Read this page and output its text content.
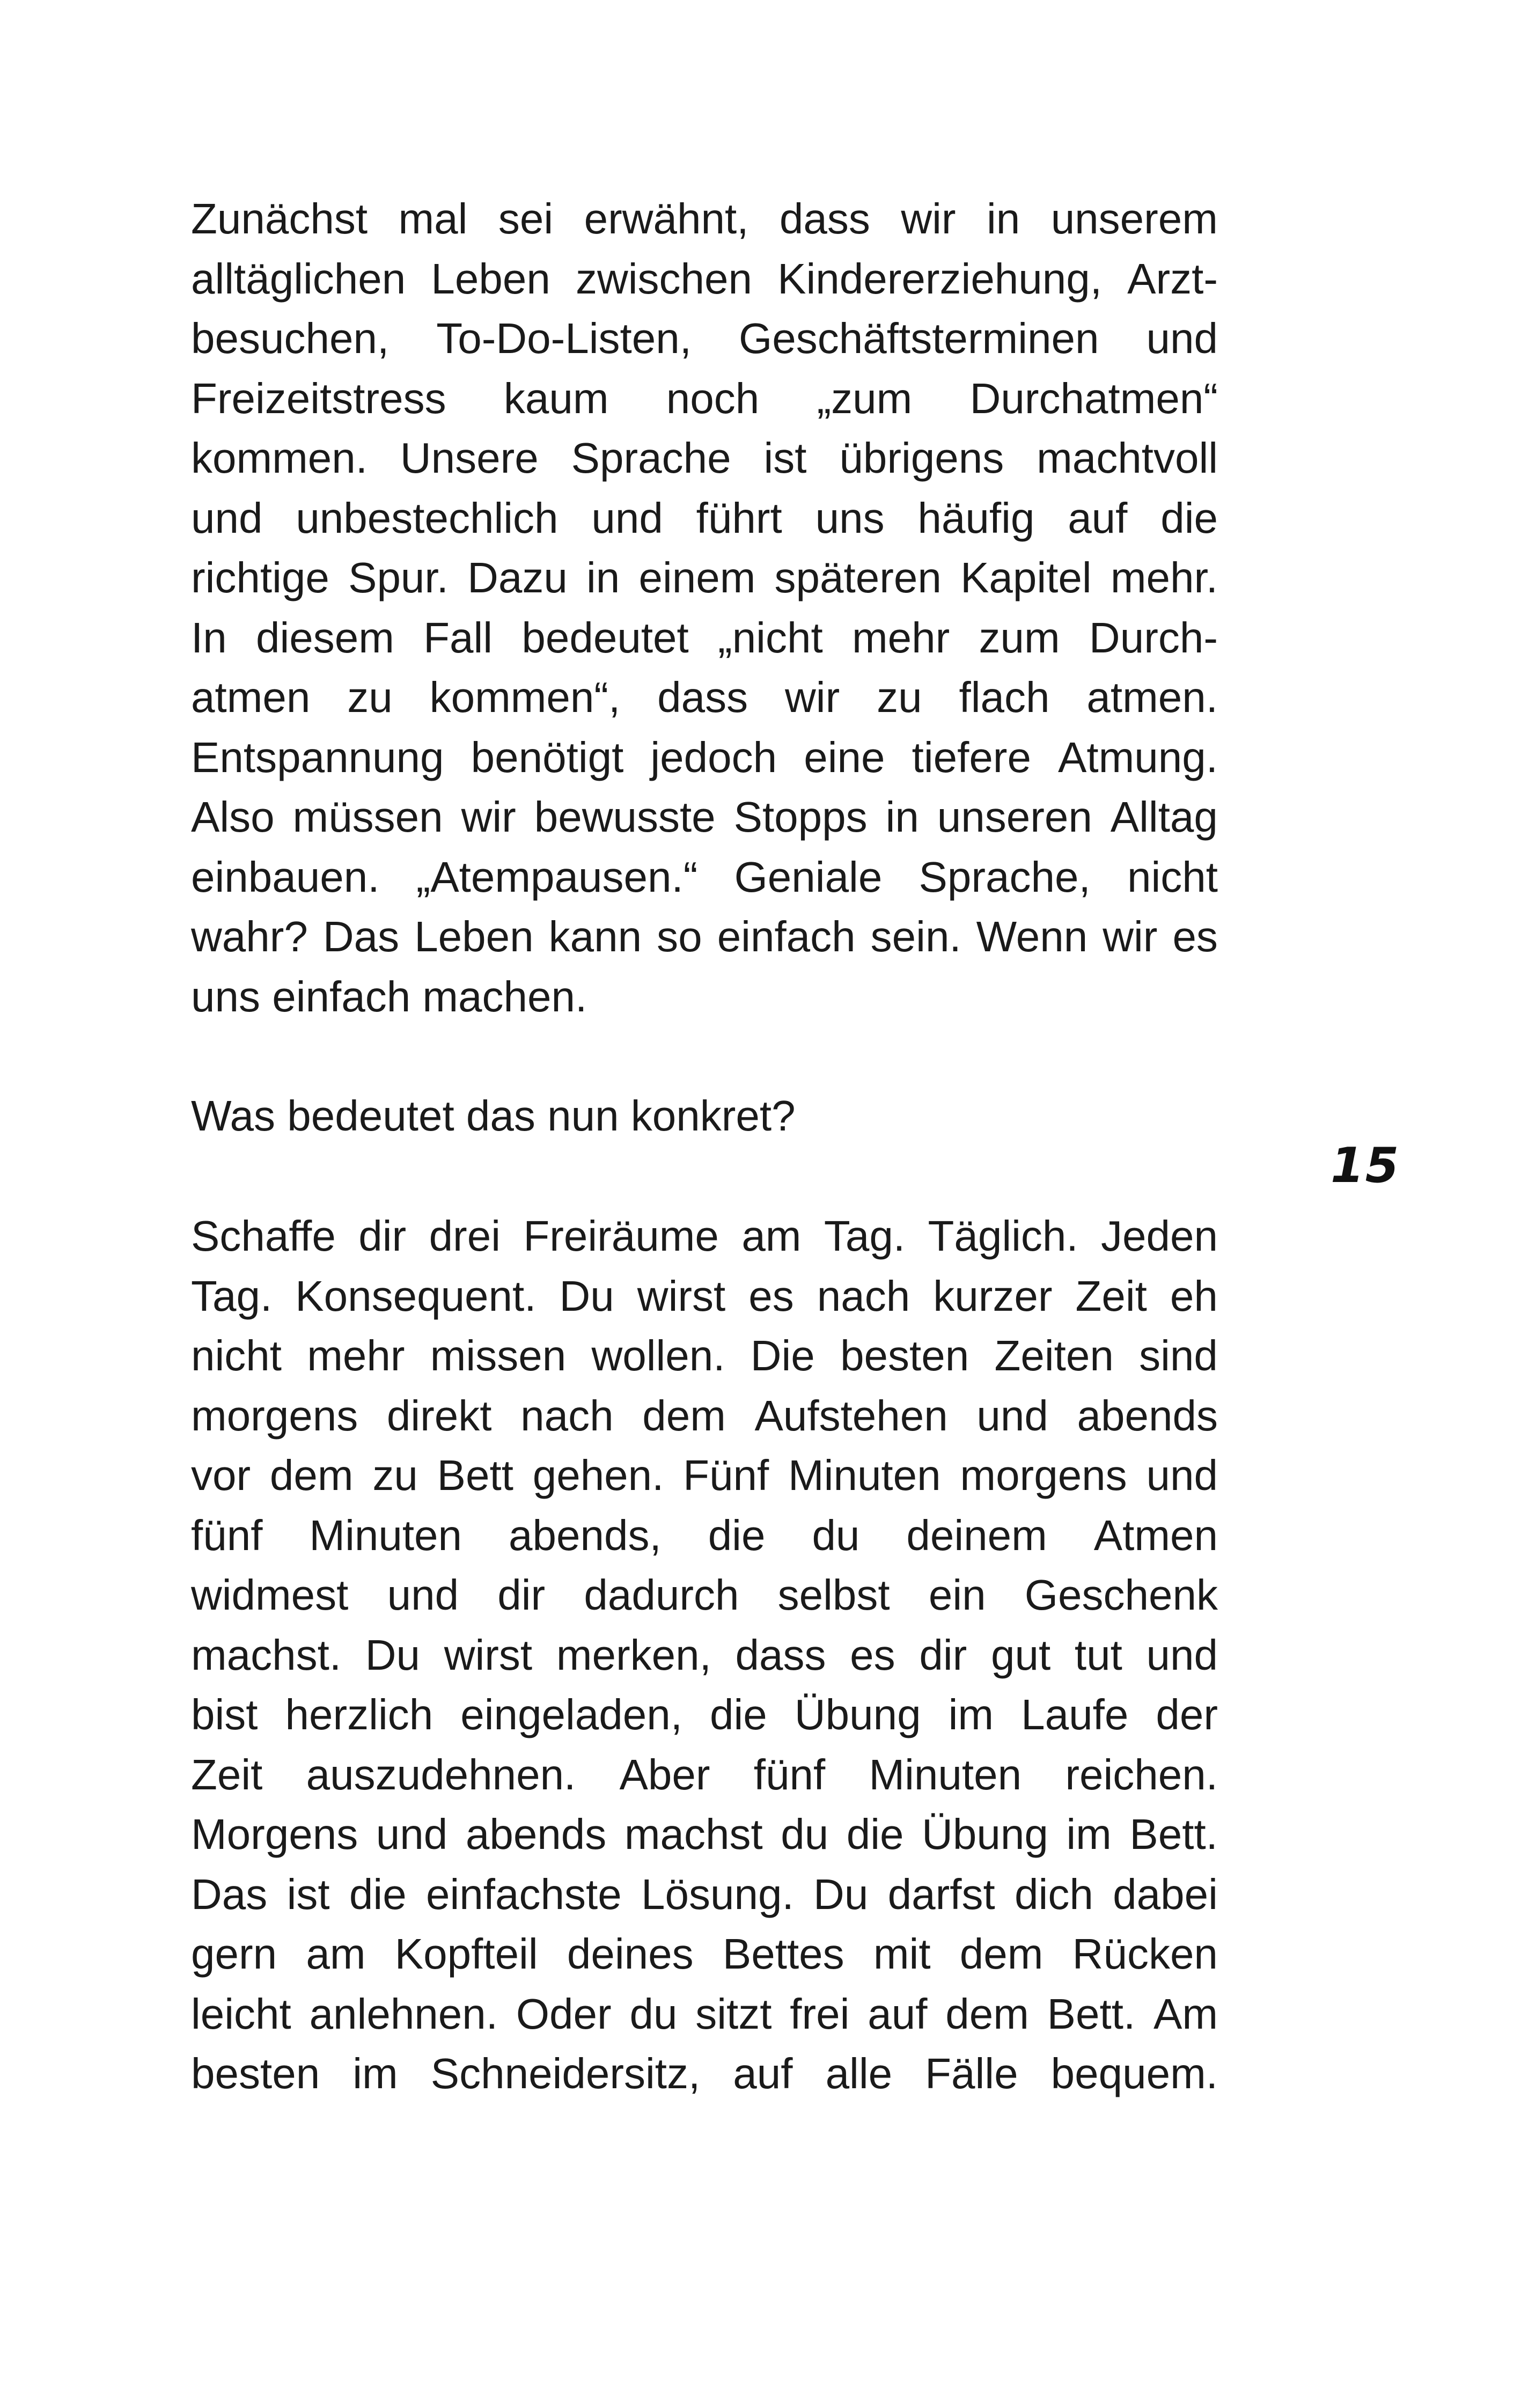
Zunächst mal sei erwähnt, dass wir in unserem
alltäglichen Leben zwischen Kindererziehung, Arzt-
besuchen, To-Do-Listen, Geschäftsterminen und
Freizeitstress kaum noch „zum Durchatmen“
kommen. Unsere Sprache ist übrigens machtvoll
und unbestechlich und führt uns häufig auf die
richtige Spur. Dazu in einem späteren Kapitel mehr.
In diesem Fall bedeutet „nicht mehr zum Durch-
atmen zu kommen“, dass wir zu flach atmen.
Entspannung benötigt jedoch eine tiefere Atmung.
Also müssen wir bewusste Stopps in unseren Alltag
einbauen. „Atempausen.“ Geniale Sprache, nicht
wahr? Das Leben kann so einfach sein. Wenn wir es
uns einfach machen.
Was bedeutet das nun konkret?
15
Schaffe dir drei Freiräume am Tag. Täglich. Jeden
Tag. Konsequent. Du wirst es nach kurzer Zeit eh
nicht mehr missen wollen. Die besten Zeiten sind
morgens direkt nach dem Aufstehen und abends
vor dem zu Bett gehen. Fünf Minuten morgens und
fünf Minuten abends, die du deinem Atmen
widmest und dir dadurch selbst ein Geschenk
machst. Du wirst merken, dass es dir gut tut und
bist herzlich eingeladen, die Übung im Laufe der
Zeit auszudehnen. Aber fünf Minuten reichen.
Morgens und abends machst du die Übung im Bett.
Das ist die einfachste Lösung. Du darfst dich dabei
gern am Kopfteil deines Bettes mit dem Rücken
leicht anlehnen. Oder du sitzt frei auf dem Bett. Am
besten im Schneidersitz, auf alle Fälle bequem.
